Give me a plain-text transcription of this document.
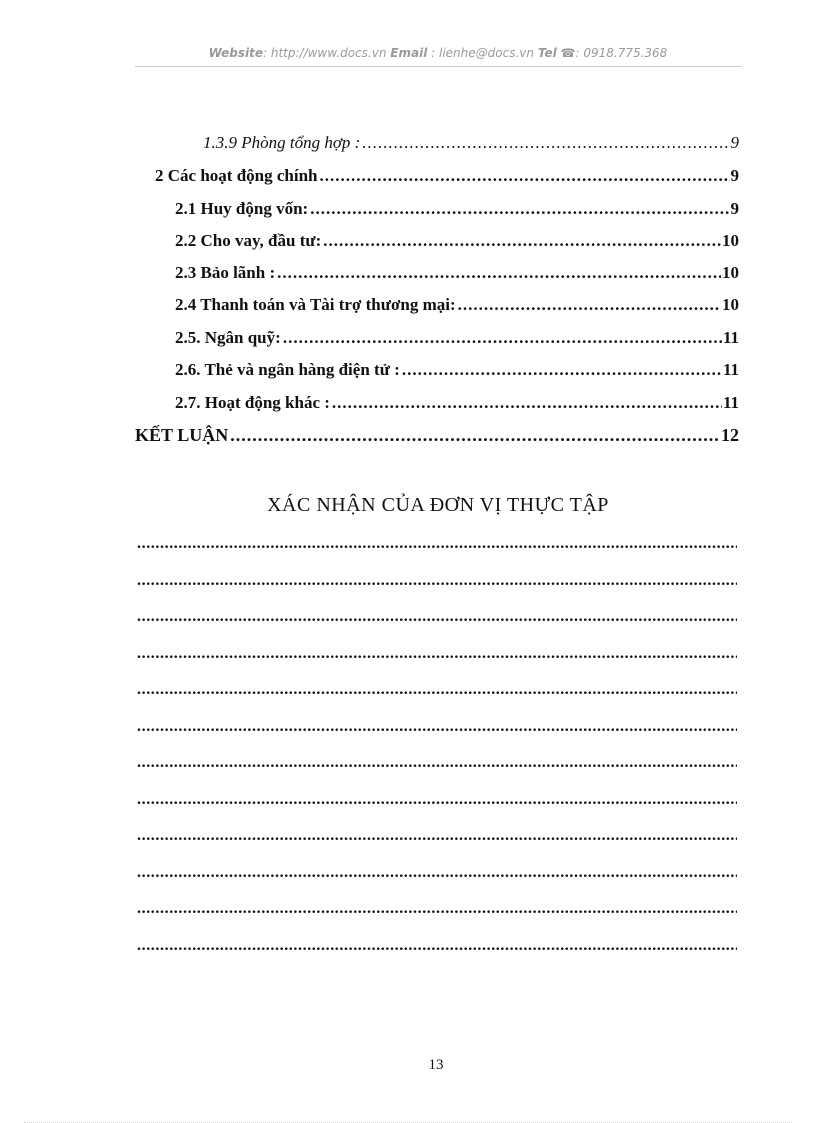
Website: http://www.docs.vn Email : lienhe@docs.vn Tel ☎: 0918.775.368
1.3.9 Phòng tổng hợp : .....	9
2 Các hoạt động chính .....	9
2.1 Huy động vốn: .....	9
2.2 Cho vay, đầu tư: .....	10
2.3 Bảo lãnh : .....	10
2.4 Thanh toán và Tài trợ thương mại: .....	10
2.5. Ngân quỹ: .....	11
2.6. Thẻ và ngân hàng điện tử : .....	11
2.7. Hoạt động khác : .....	11
KẾT LUẬN .....	12
XÁC NHẬN CỦA ĐƠN VỊ THỰC TẬP
.....
.....
.....
.....
.....
.....
.....
.....
.....
.....
.....
.....
13
